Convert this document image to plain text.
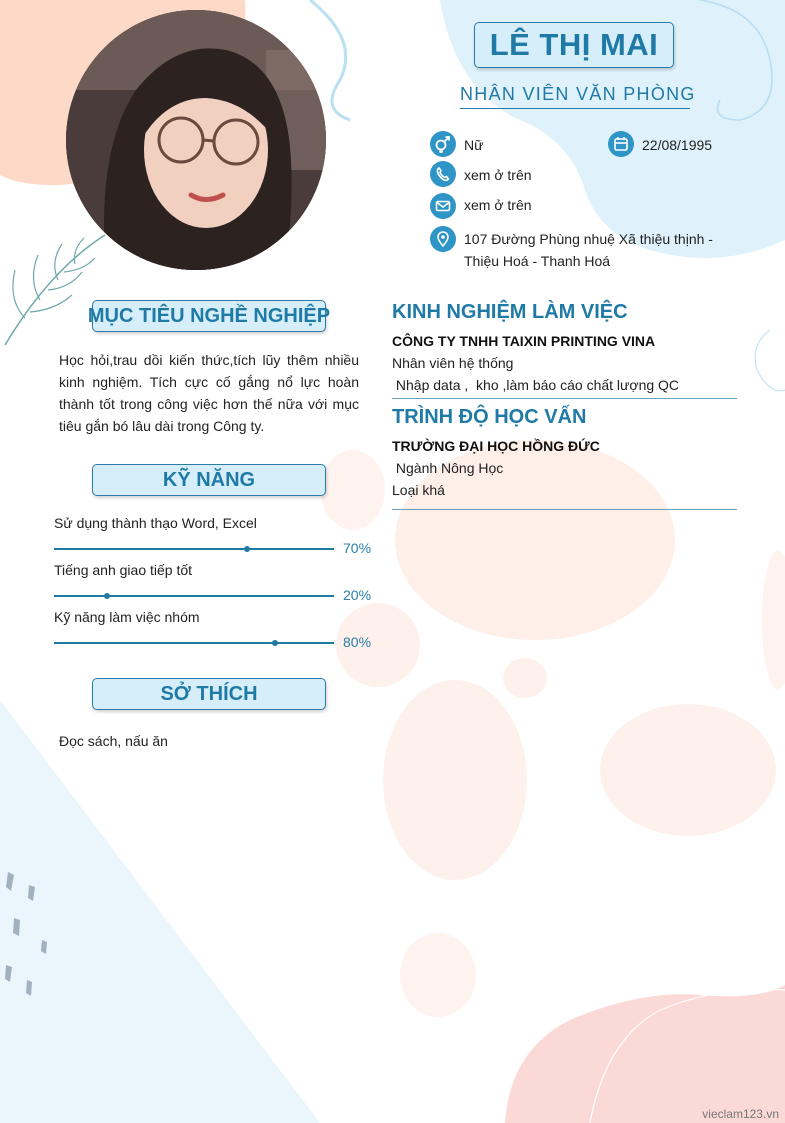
LÊ THỊ MAI
NHÂN VIÊN VĂN PHÒNG
Nữ	22/08/1995
xem ở trên
xem ở trên
107 Đường Phùng nhuệ Xã thiệu thịnh -
Thiệu Hoá - Thanh Hoá
MỤC TIÊU NGHỀ NGHIỆP
Học hỏi,trau dồi kiến thức,tích lũy thêm nhiều kinh nghiệm. Tích cực cố gắng nổ lực hoàn thành tốt trong công việc hơn thế nữa với mục tiêu gắn bó lâu dài trong Công ty.
KỸ NĂNG
Sử dụng thành thạo Word, Excel
70%
Tiếng anh giao tiếp tốt
20%
Kỹ năng làm việc nhóm
80%
SỞ THÍCH
Đọc sách, nấu ăn
KINH NGHIỆM LÀM VIỆC
CÔNG TY TNHH TAIXIN PRINTING VINA
Nhân viên hệ thống
Nhập data ,  kho ,làm báo cáo chất lượng QC
TRÌNH ĐỘ HỌC VẤN
TRƯỜNG ĐẠI HỌC HỒNG ĐỨC
Ngành Nông Học
Loại khá
vieclam123.vn
